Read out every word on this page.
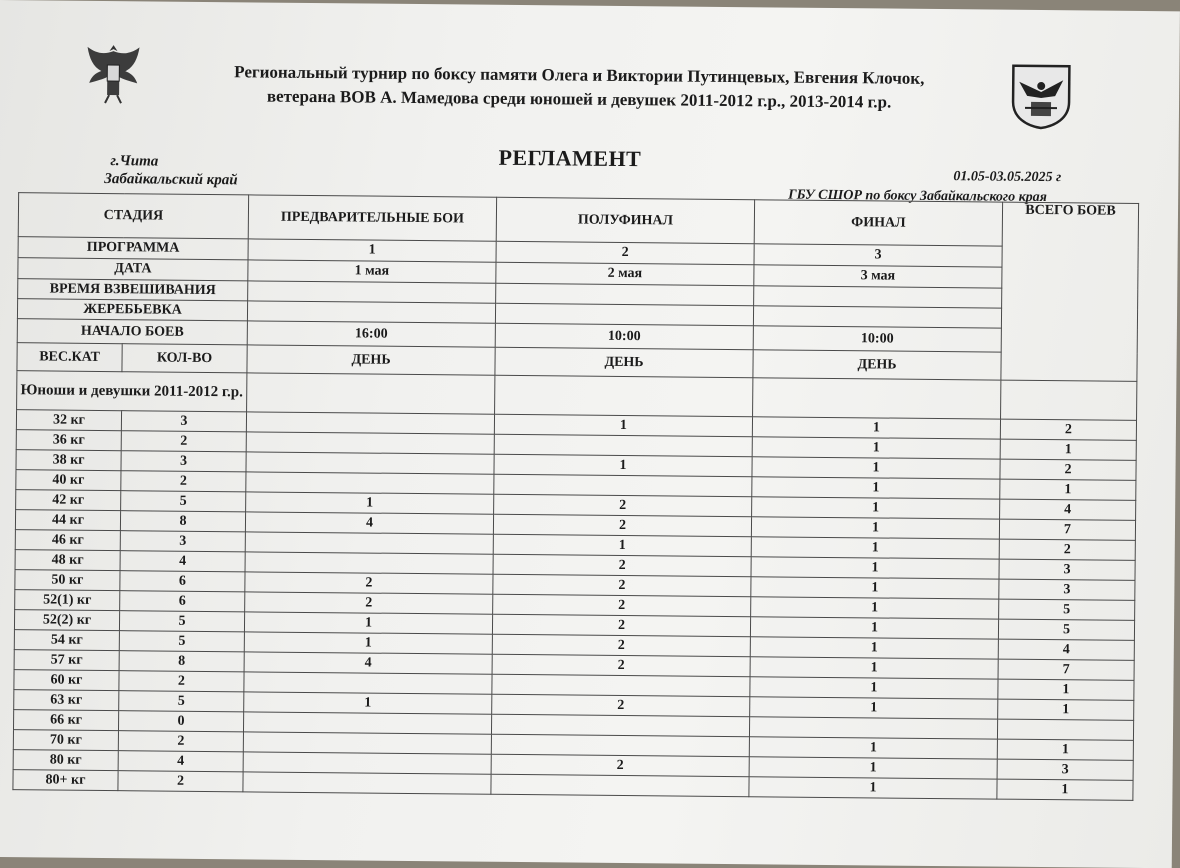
Региональный турнир по боксу памяти Олега и Виктории Путинцевых, Евгения Клочок,
ветерана ВОВ А. Мамедова среди юношей и девушек 2011-2012 г.р., 2013-2014 г.р.
РЕГЛАМЕНТ
г.Чита
Забайкальский край	01.05-03.05.2025 г
ГБУ СШОР по боксу Забайкальского края
СТАДИЯ		ПРЕДВАРИТЕЛЬНЫЕ БОИ	ПОЛУФИНАЛ	ФИНАЛ	ВСЕГО БОЕВ
ПРОГРАММА		1	2	3	
ДАТА		1 мая	2 мая	3 мая	
ВРЕМЯ ВЗВЕШИВАНИЯ					
ЖЕРЕБЬЕВКА					
НАЧАЛО БОЕВ		16:00	10:00	10:00	
ВЕС.КАТ	КОЛ-ВО	ДЕНЬ	ДЕНЬ	ДЕНЬ	
Юноши и девушки 2011-2012 г.р.					
32 кг	3		1	1	2
36 кг	2			1	1
38 кг	3		1	1	2
40 кг	2			1	1
42 кг	5	1	2	1	4
44 кг	8	4	2	1	7
46 кг	3		1	1	2
48 кг	4		2	1	3
50 кг	6	2	2	1	3
52(1) кг	6	2	2	1	5
52(2) кг	5	1	2	1	5
54 кг	5	1	2	1	4
57 кг	8	4	2	1	7
60 кг	2			1	1
63 кг	5	1	2	1	1
66 кг	0				
70 кг	2			1	1
80 кг	4		2	1	3
80+ кг	2			1	1
